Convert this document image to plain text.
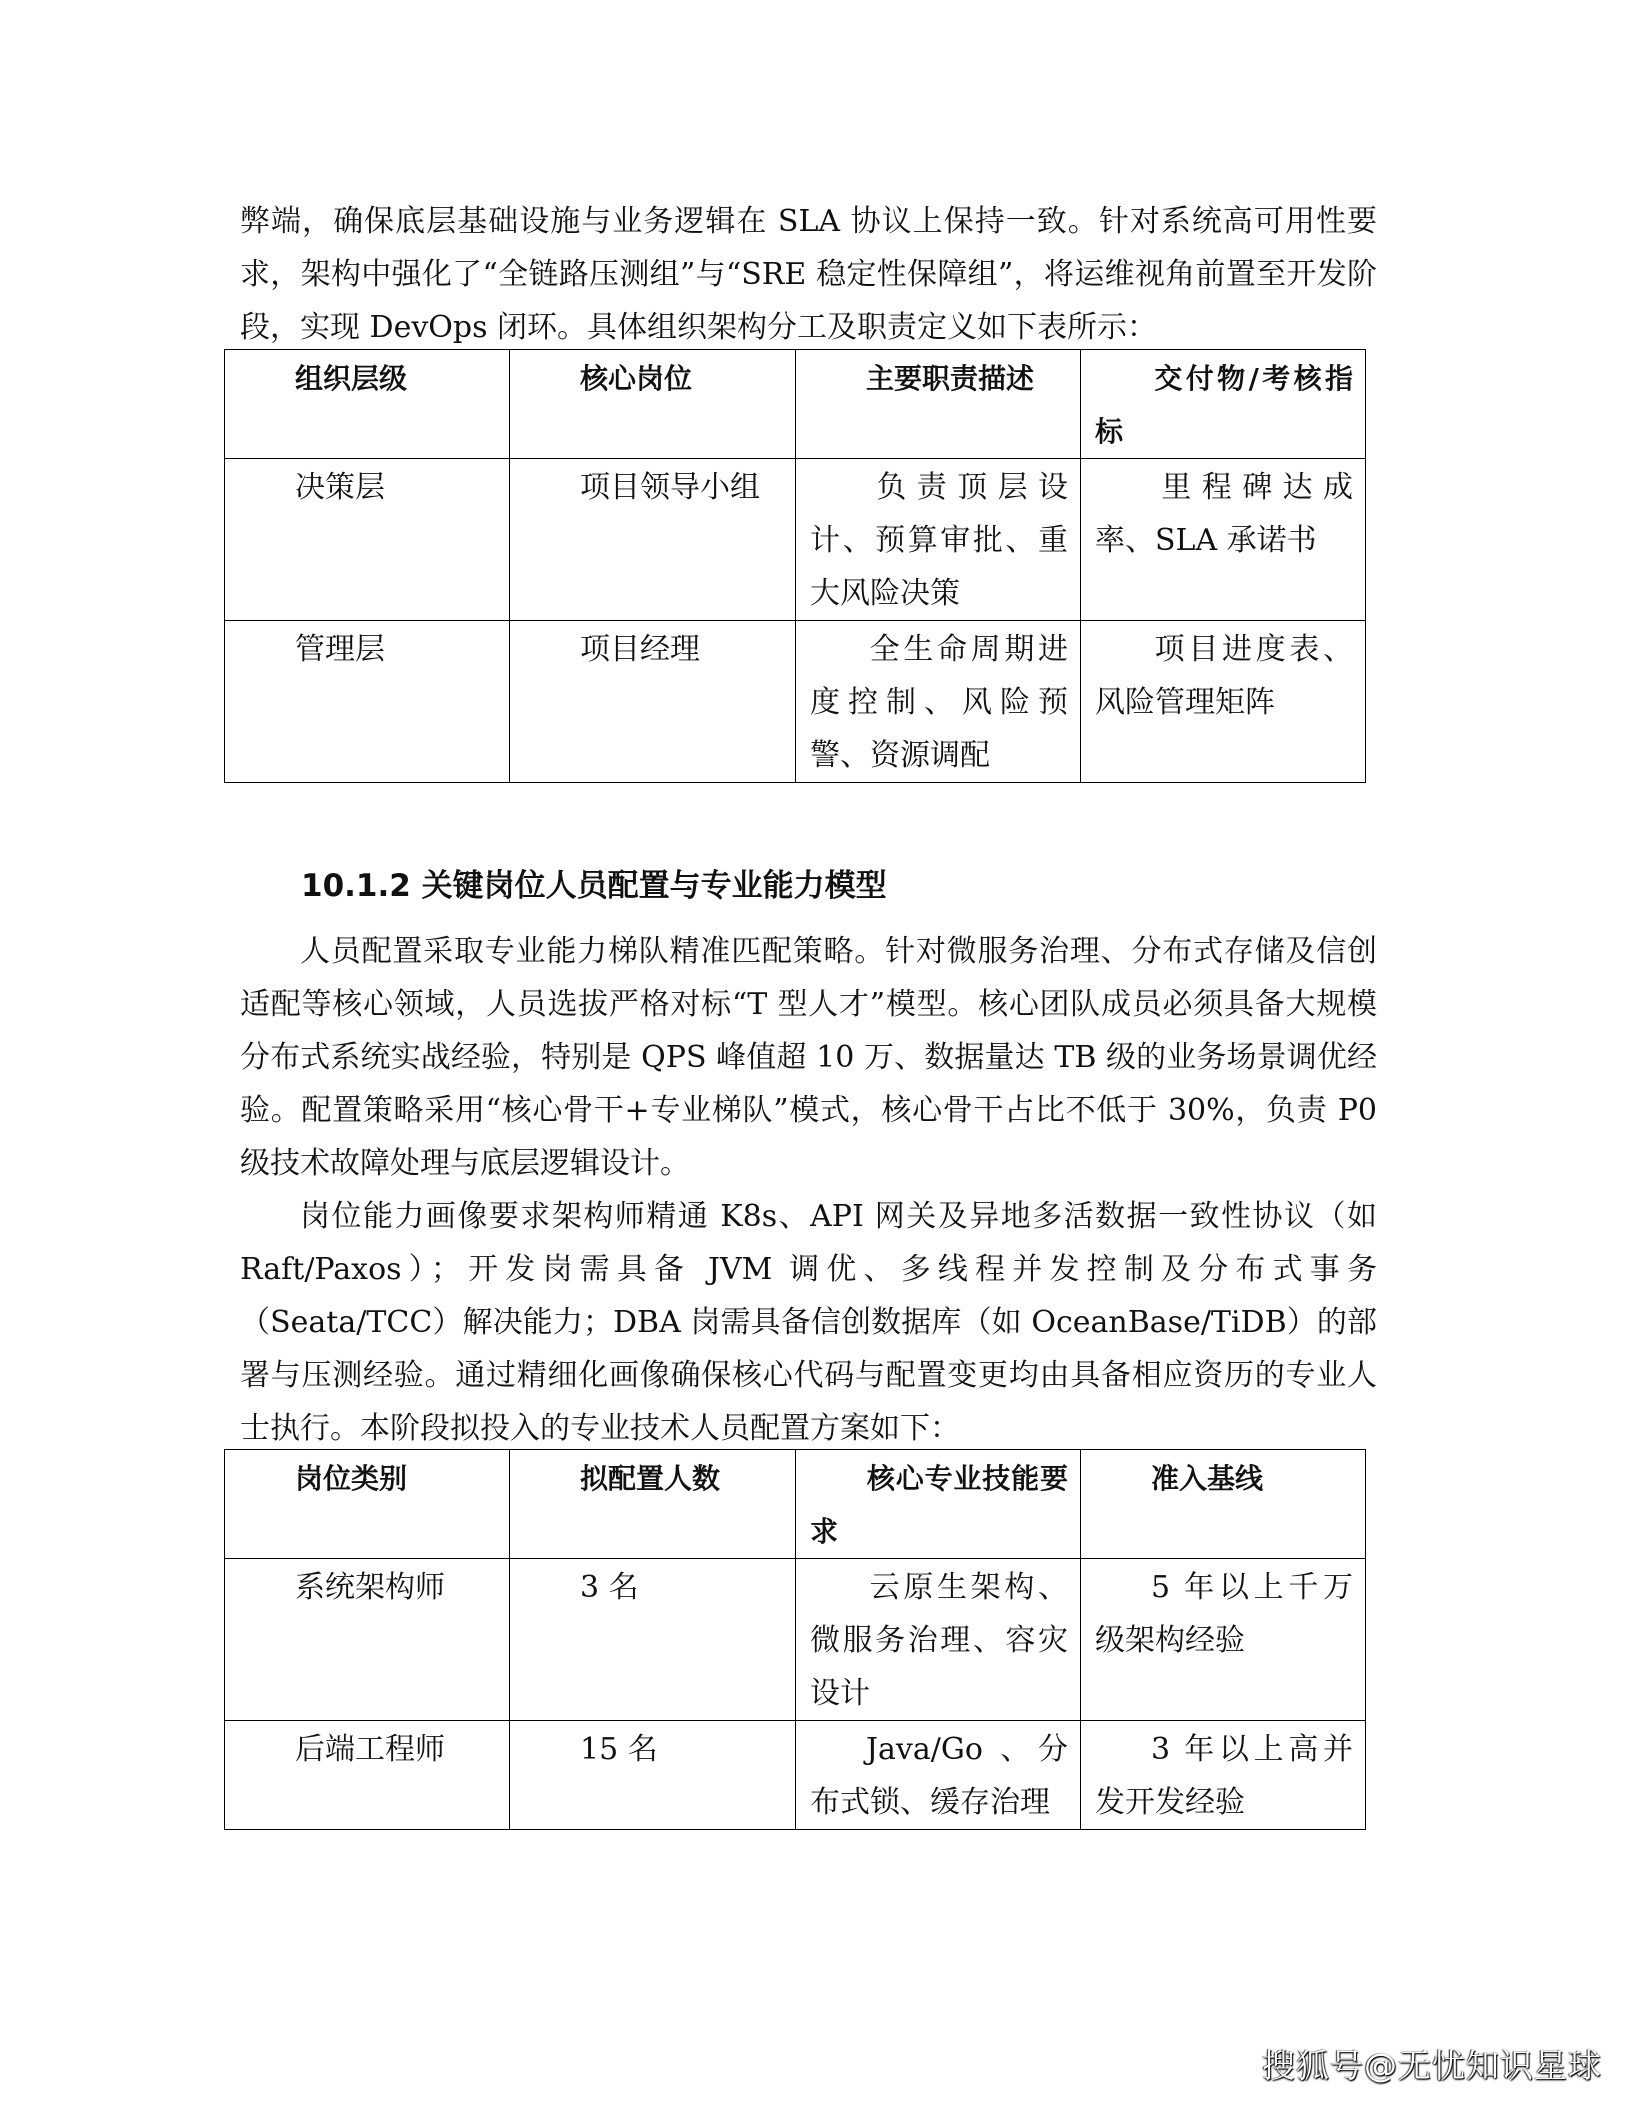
弊端，确保底层基础设施与业务逻辑在 SLA 协议上保持一致。针对系统高可用性要求，架构中强化了“全链路压测组”与“SRE 稳定性保障组”，将运维视角前置至开发阶段，实现 DevOps 闭环。具体组织架构分工及职责定义如下表所示：

组织层级	核心岗位	主要职责描述	交付物/考核指标
决策层	项目领导小组	负责顶层设计、预算审批、重大风险决策	里程碑达成率、SLA 承诺书
管理层	项目经理	全生命周期进度控制、风险预警、资源调配	项目进度表、风险管理矩阵
10.1.2 关键岗位人员配置与专业能力模型

人员配置采取专业能力梯队精准匹配策略。针对微服务治理、分布式存储及信创适配等核心领域，人员选拔严格对标“T 型人才”模型。核心团队成员必须具备大规模分布式系统实战经验，特别是 QPS 峰值超 10 万、数据量达 TB 级的业务场景调优经验。配置策略采用“核心骨干+专业梯队”模式，核心骨干占比不低于 30%，负责 P0 级技术故障处理与底层逻辑设计。

岗位能力画像要求架构师精通 K8s、API 网关及异地多活数据一致性协议（如 Raft/Paxos）；开发岗需具备 JVM 调优、多线程并发控制及分布式事务（Seata/TCC）解决能力；DBA 岗需具备信创数据库（如 OceanBase/TiDB）的部署与压测经验。通过精细化画像确保核心代码与配置变更均由具备相应资历的专业人士执行。本阶段拟投入的专业技术人员配置方案如下：

岗位类别	拟配置人数	核心专业技能要求	准入基线
系统架构师	3 名	云原生架构、微服务治理、容灾设计	5 年以上千万级架构经验
后端工程师	15 名	Java/Go 、分布式锁、缓存治理	3 年以上高并发开发经验
搜狐号@无忧知识星球
